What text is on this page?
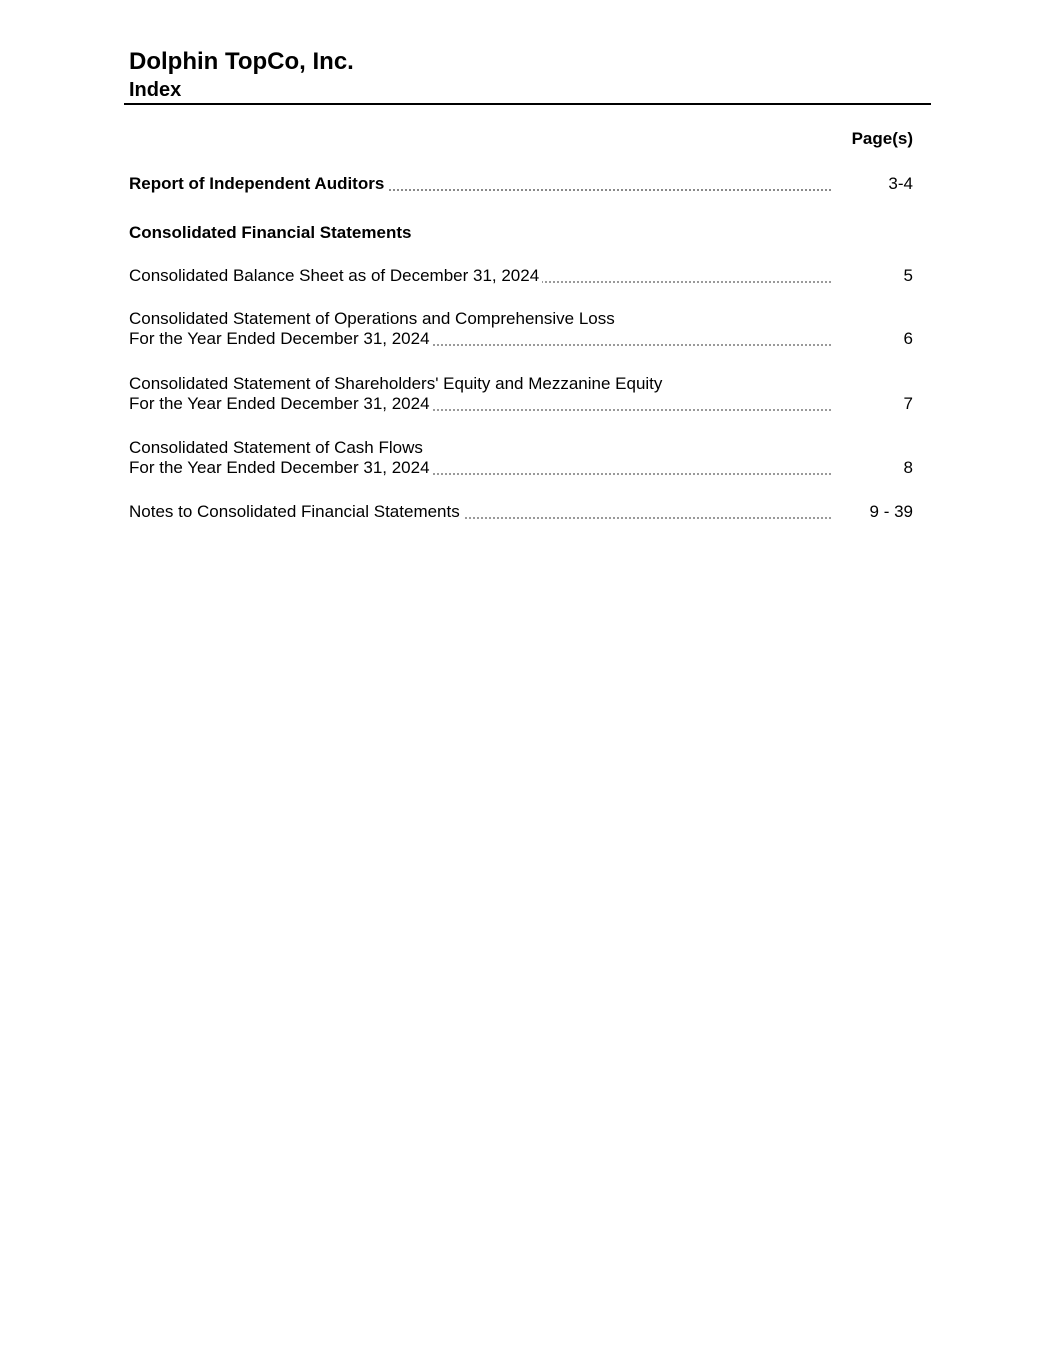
Dolphin TopCo, Inc.
Index
Page(s)
Report of Independent Auditors	3-4
Consolidated Financial Statements
Consolidated Balance Sheet as of December 31, 2024	5
Consolidated Statement of Operations and Comprehensive Loss
For the Year Ended December 31, 2024	6
Consolidated Statement of Shareholders' Equity and Mezzanine Equity
For the Year Ended December 31, 2024	7
Consolidated Statement of Cash Flows
For the Year Ended December 31, 2024	8
Notes to Consolidated Financial Statements	9 - 39
